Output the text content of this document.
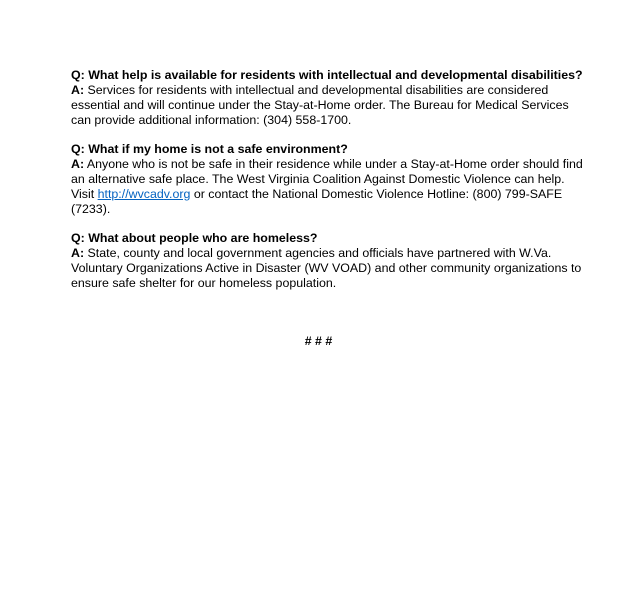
Q: What help is available for residents with intellectual and developmental disabilities?

A: Services for residents with intellectual and developmental disabilities are considered essential and will continue under the Stay-at-Home order. The Bureau for Medical Services can provide additional information: (304) 558-1700.

Q: What if my home is not a safe environment?

A: Anyone who is not be safe in their residence while under a Stay-at-Home order should find an alternative safe place. The West Virginia Coalition Against Domestic Violence can help. Visit http://wvcadv.org or contact the National Domestic Violence Hotline: (800) 799-SAFE (7233).

Q: What about people who are homeless?

A: State, county and local government agencies and officials have partnered with W.Va. Voluntary Organizations Active in Disaster (WV VOAD) and other community organizations to ensure safe shelter for our homeless population.

# # #
